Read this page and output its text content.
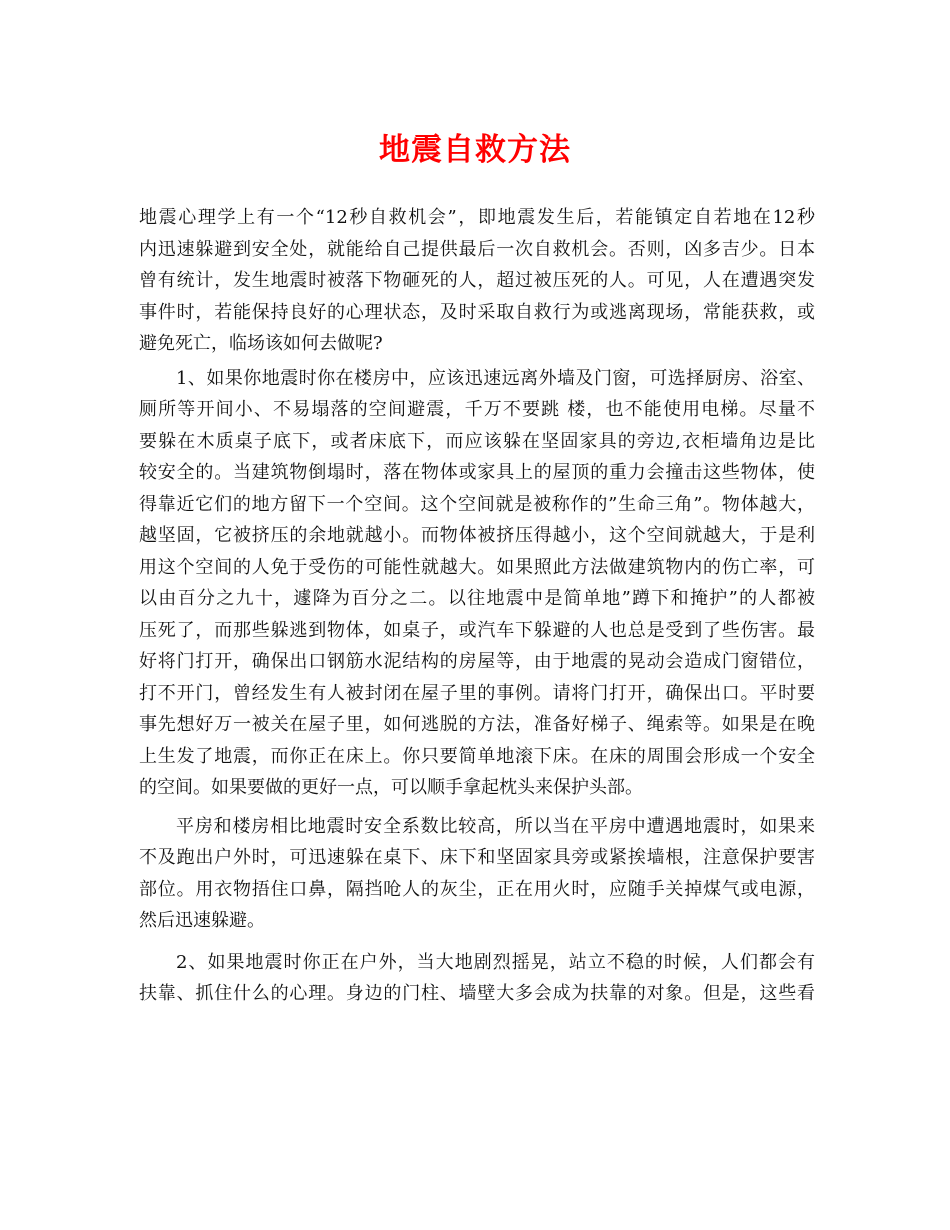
地震自救方法
地震心理学上有一个“12秒自救机会”，即地震发生后，若能镇定自若地在12秒
内迅速躲避到安全处，就能给自己提供最后一次自救机会。否则，凶多吉少。日本
曾有统计，发生地震时被落下物砸死的人，超过被压死的人。可见，人在遭遇突发
事件时，若能保持良好的心理状态，及时采取自救行为或逃离现场，常能获救，或
避免死亡，临场该如何去做呢?
1、如果你地震时你在楼房中，应该迅速远离外墙及门窗，可选择厨房、浴室、
厕所等开间小、不易塌落的空间避震，千万不要跳 楼，也不能使用电梯。尽量不
要躲在木质桌子底下，或者床底下，而应该躲在坚固家具的旁边,衣柜墙角边是比
较安全的。当建筑物倒塌时，落在物体或家具上的屋顶的重力会撞击这些物体，使
得靠近它们的地方留下一个空间。这个空间就是被称作的”生命三角”。物体越大，
越坚固，它被挤压的余地就越小。而物体被挤压得越小，这个空间就越大，于是利
用这个空间的人免于受伤的可能性就越大。如果照此方法做建筑物内的伤亡率，可
以由百分之九十，遽降为百分之二。以往地震中是简单地”蹲下和掩护”的人都被
压死了，而那些躲逃到物体，如桌子，或汽车下躲避的人也总是受到了些伤害。最
好将门打开，确保出口钢筋水泥结构的房屋等，由于地震的晃动会造成门窗错位，
打不开门，曾经发生有人被封闭在屋子里的事例。请将门打开，确保出口。平时要
事先想好万一被关在屋子里，如何逃脱的方法，准备好梯子、绳索等。如果是在晚
上生发了地震，而你正在床上。你只要简单地滚下床。在床的周围会形成一个安全
的空间。如果要做的更好一点，可以顺手拿起枕头来保护头部。
平房和楼房相比地震时安全系数比较高，所以当在平房中遭遇地震时，如果来
不及跑出户外时，可迅速躲在桌下、床下和坚固家具旁或紧挨墙根，注意保护要害
部位。用衣物捂住口鼻，隔挡呛人的灰尘，正在用火时，应随手关掉煤气或电源，
然后迅速躲避。
2、如果地震时你正在户外，当大地剧烈摇晃，站立不稳的时候，人们都会有
扶靠、抓住什么的心理。身边的门柱、墙壁大多会成为扶靠的对象。但是，这些看
